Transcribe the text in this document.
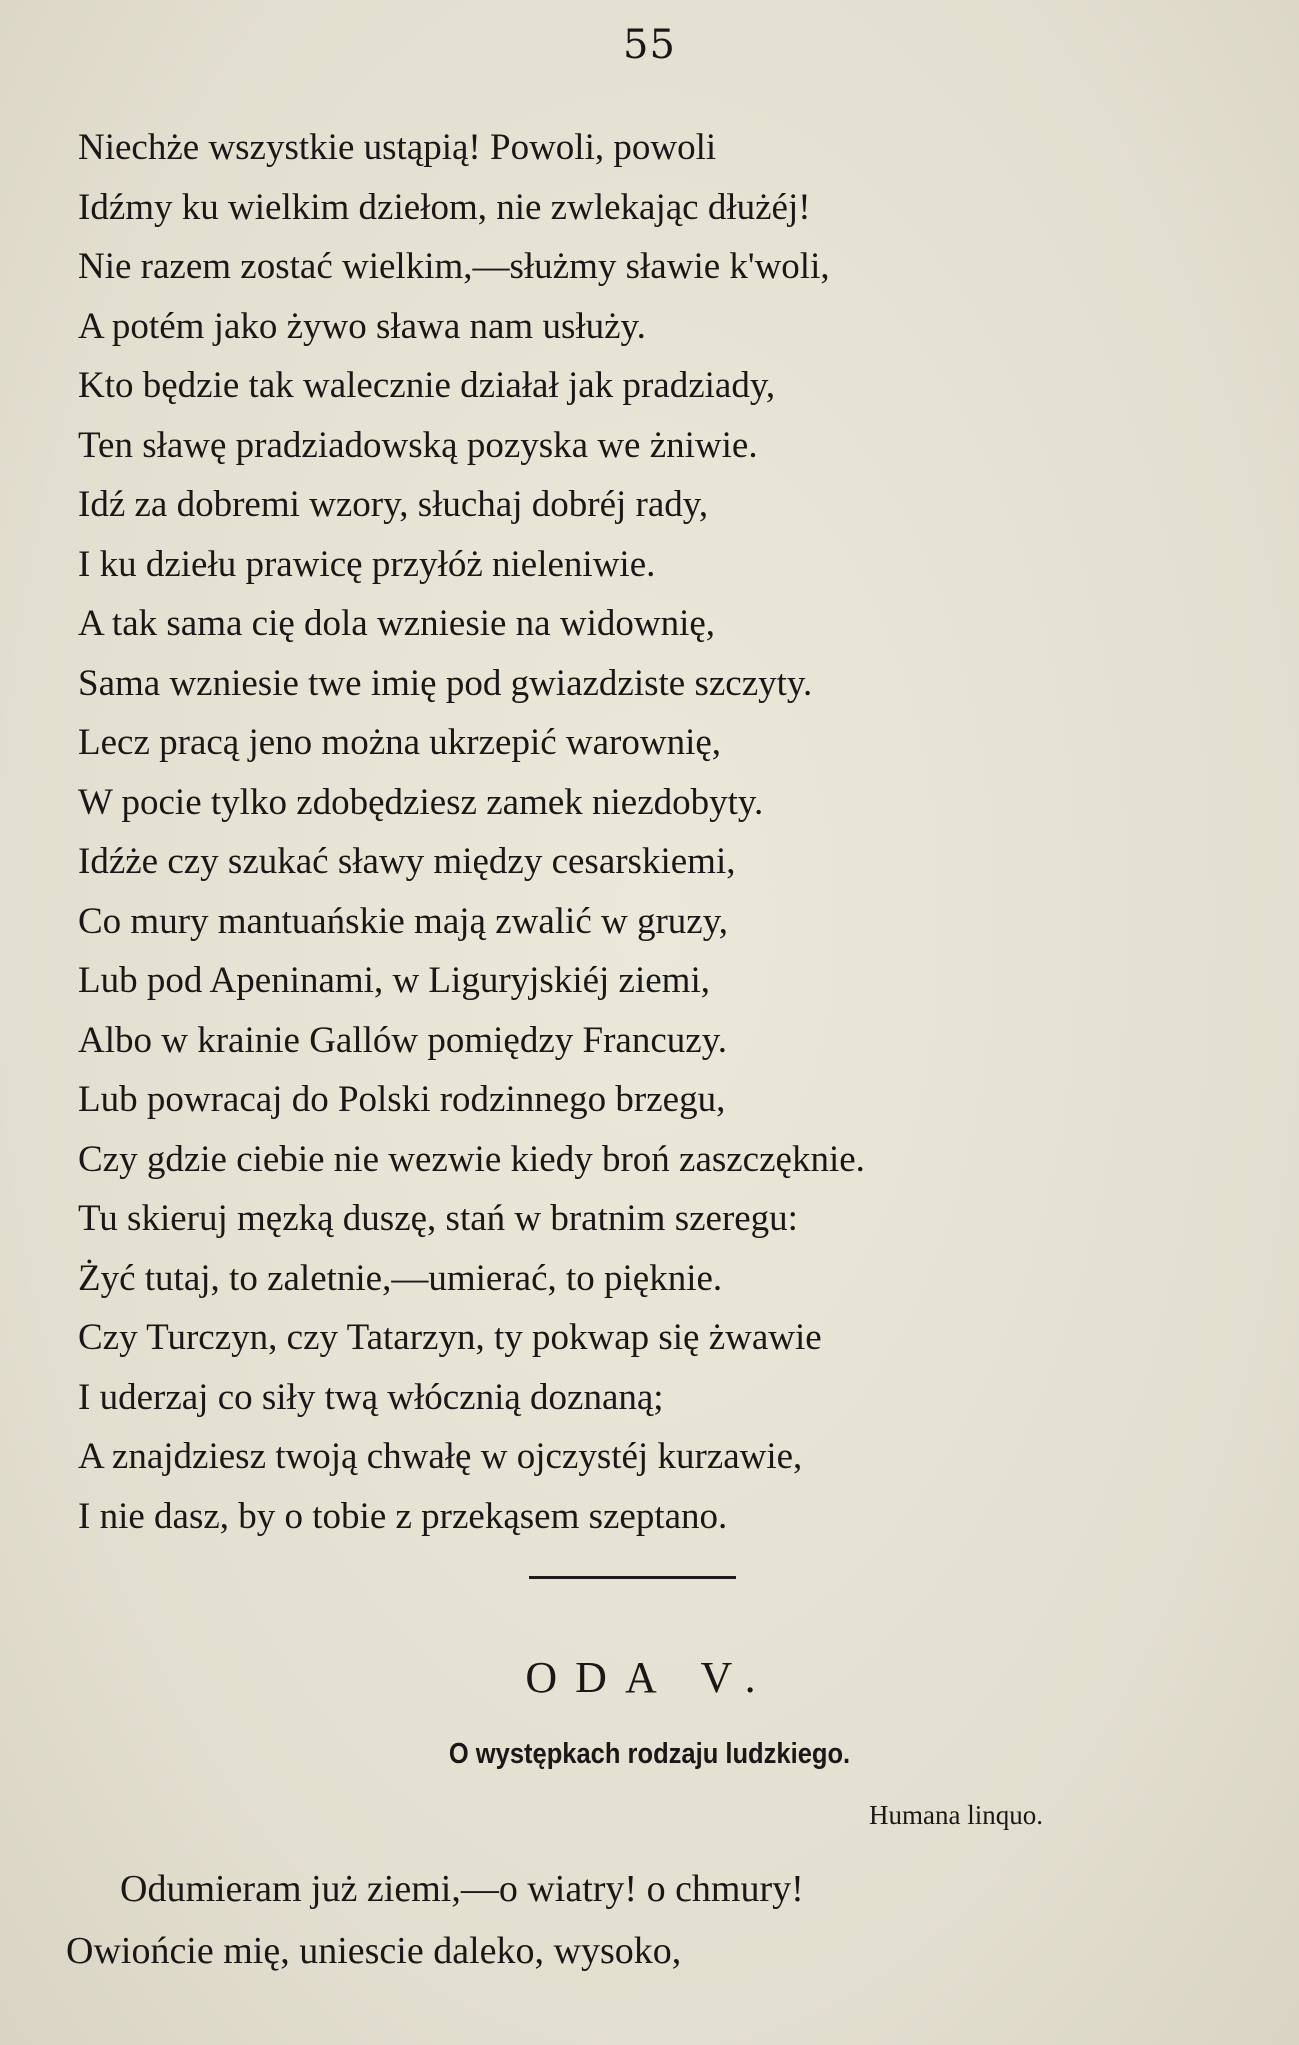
55
Niechże wszystkie ustąpią! Powoli, powoli
Idźmy ku wielkim dziełom, nie zwlekając dłużéj!
Nie razem zostać wielkim,—służmy sławie k'woli,
A potém jako żywo sława nam usłuży.
Kto będzie tak walecznie działał jak pradziady,
Ten sławę pradziadowską pozyska we żniwie.
Idź za dobremi wzory, słuchaj dobréj rady,
I ku dziełu prawicę przyłóż nieleniwie.
A tak sama cię dola wzniesie na widownię,
Sama wzniesie twe imię pod gwiazdziste szczyty.
Lecz pracą jeno można ukrzepić warownię,
W pocie tylko zdobędziesz zamek niezdobyty.
Idźże czy szukać sławy między cesarskiemi,
Co mury mantuańskie mają zwalić w gruzy,
Lub pod Apeninami, w Liguryjskiéj ziemi,
Albo w krainie Gallów pomiędzy Francuzy.
Lub powracaj do Polski rodzinnego brzegu,
Czy gdzie ciebie nie wezwie kiedy broń zaszczęknie.
Tu skieruj męzką duszę, stań w bratnim szeregu:
Żyć tutaj, to zaletnie,—umierać, to pięknie.
Czy Turczyn, czy Tatarzyn, ty pokwap się żwawie
I uderzaj co siły twą włócznią doznaną;
A znajdziesz twoją chwałę w ojczystéj kurzawie,
I nie dasz, by o tobie z przekąsem szeptano.
ODA V.
O występkach rodzaju ludzkiego.
Humana linquo.
Odumieram już ziemi,—o wiatry! o chmury!
Owiońcie mię, uniescie daleko, wysoko,
